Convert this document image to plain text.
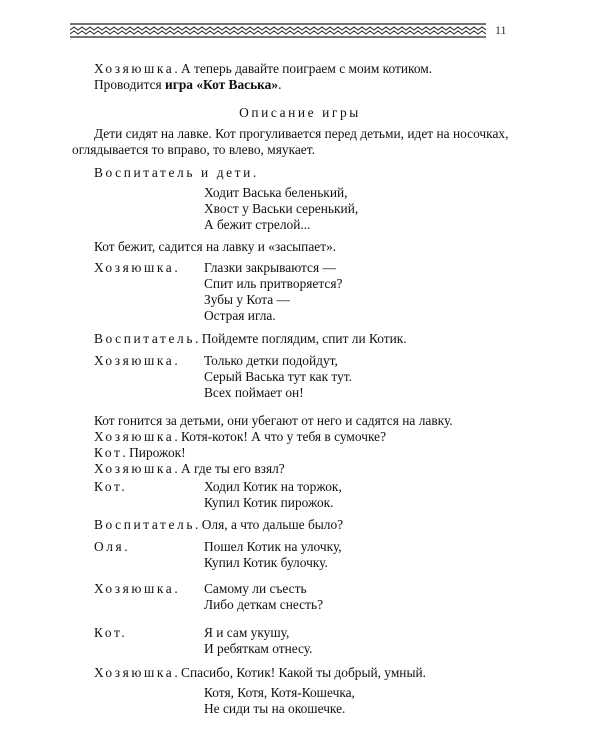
11
Хозяюшка. А теперь давайте поиграем с моим котиком.
Проводится игра «Кот Васька».
Описание игры
Дети сидят на лавке. Кот прогуливается перед детьми, идет на носочках,
оглядывается то вправо, то влево, мяукает.
Воспитатель и дети.
Ходит Васька беленький,
Хвост у Васьки серенький,
А бежит стрелой...
Кот бежит, садится на лавку и «засыпает».
Хозяюшка. Глазки закрываются —
Спит иль притворяется?
Зубы у Кота —
Острая игла.
Воспитатель. Пойдемте поглядим, спит ли Котик.
Хозяюшка. Только детки подойдут,
Серый Васька тут как тут.
Всех поймает он!
Кот гонится за детьми, они убегают от него и садятся на лавку.
Хозяюшка. Котя-коток! А что у тебя в сумочке?
Кот. Пирожок!
Хозяюшка. А где ты его взял?
Кот.	Ходил Котик на торжок,
Купил Котик пирожок.
Воспитатель. Оля, а что дальше было?
Оля.	Пошел Котик на улочку,
Купил Котик булочку.
Хозяюшка. Самому ли съесть
Либо деткам снесть?
Кот.	Я и сам укушу,
И ребяткам отнесу.
Хозяюшка. Спасибо, Котик! Какой ты добрый, умный.
Котя, Котя, Котя-Кошечка,
Не сиди ты на окошечке.
